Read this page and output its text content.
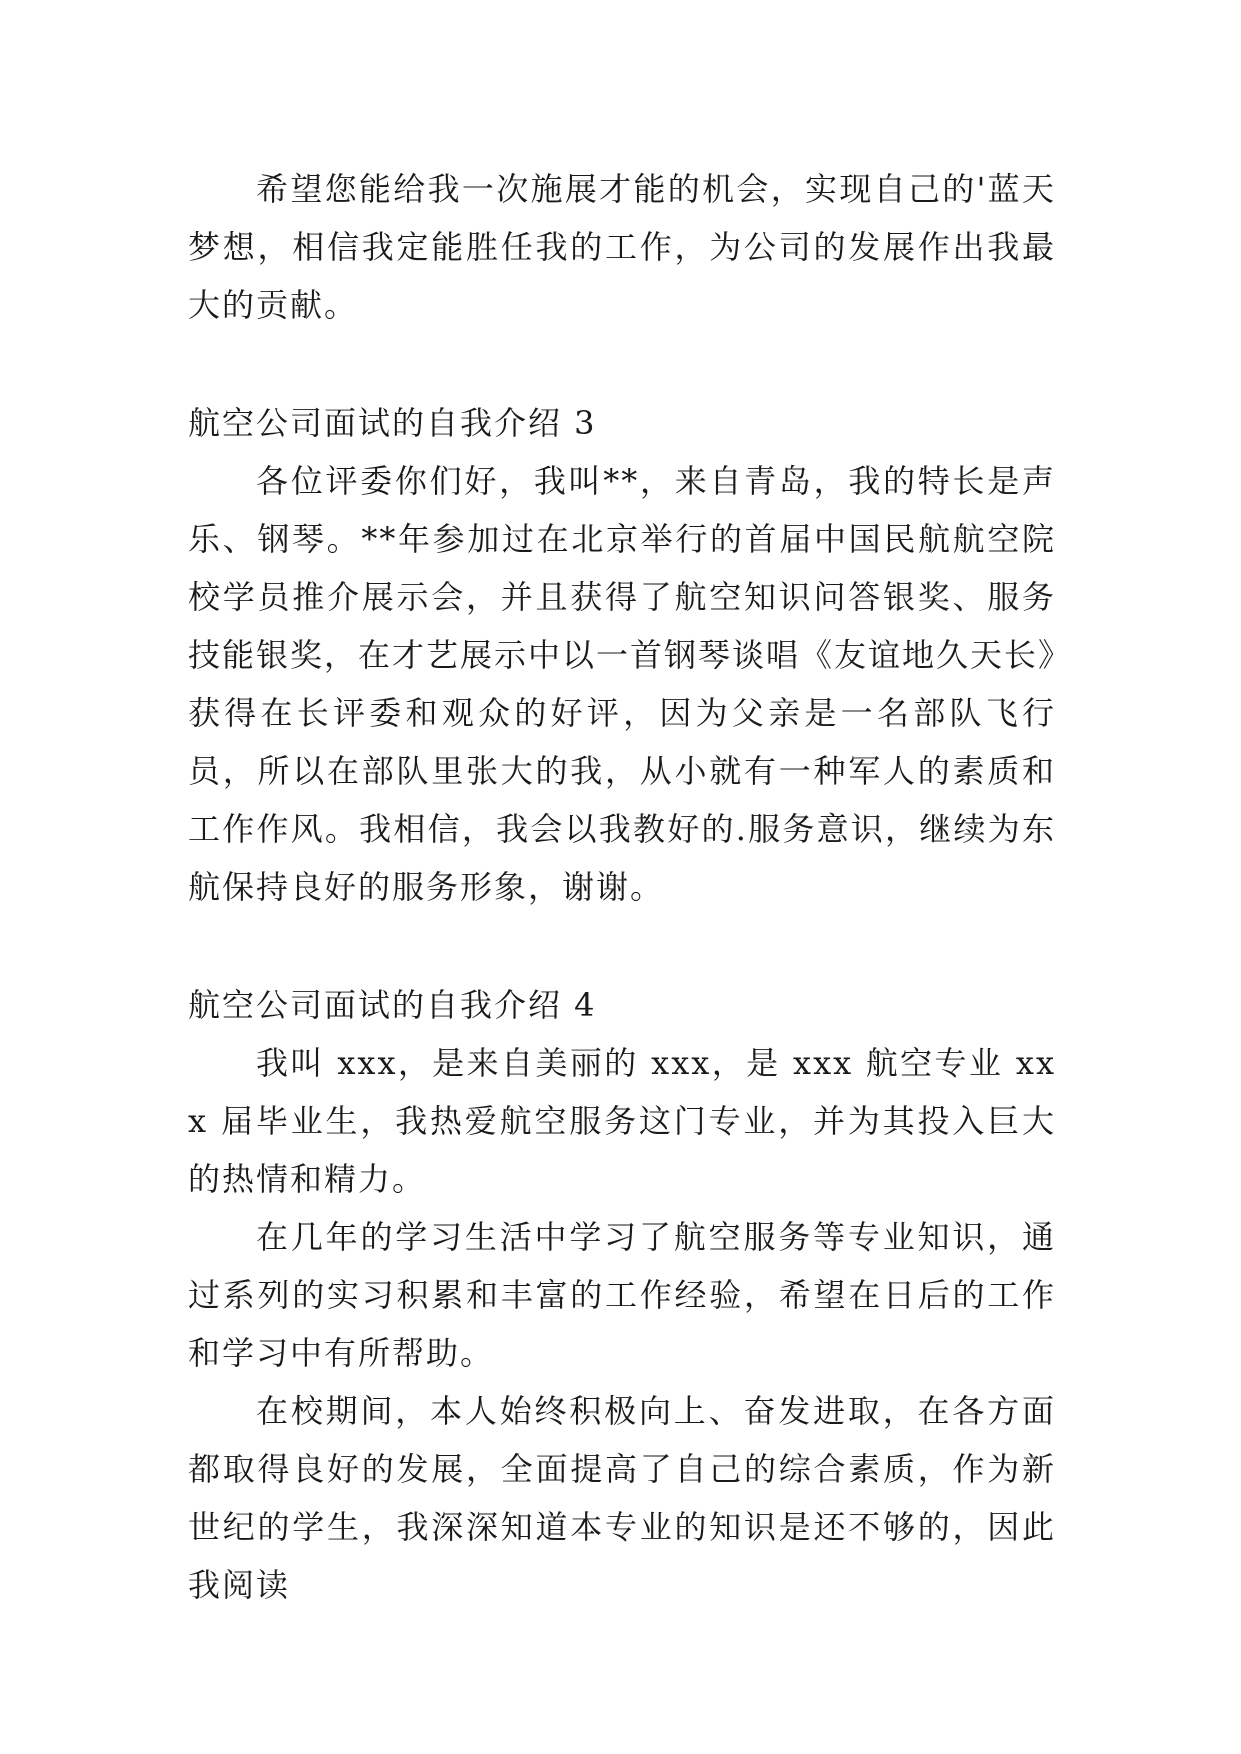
希望您能给我一次施展才能的机会，实现自己的'蓝天梦想，相信我定能胜任我的工作，为公司的发展作出我最大的贡献。

航空公司面试的自我介绍 3

各位评委你们好，我叫**，来自青岛，我的特长是声乐、钢琴。**年参加过在北京举行的首届中国民航航空院校学员推介展示会，并且获得了航空知识问答银奖、服务技能银奖，在才艺展示中以一首钢琴谈唱《友谊地久天长》获得在长评委和观众的好评，因为父亲是一名部队飞行员，所以在部队里张大的我，从小就有一种军人的素质和工作作风。我相信，我会以我教好的.服务意识，继续为东航保持良好的服务形象，谢谢。

航空公司面试的自我介绍 4

我叫 xxx，是来自美丽的 xxx，是 xxx 航空专业 xxx 届毕业生，我热爱航空服务这门专业，并为其投入巨大的热情和精力。

在几年的学习生活中学习了航空服务等专业知识，通过系列的实习积累和丰富的工作经验，希望在日后的工作和学习中有所帮助。

在校期间，本人始终积极向上、奋发进取，在各方面都取得良好的发展，全面提高了自己的综合素质，作为新世纪的学生，我深深知道本专业的知识是还不够的，因此我阅读
